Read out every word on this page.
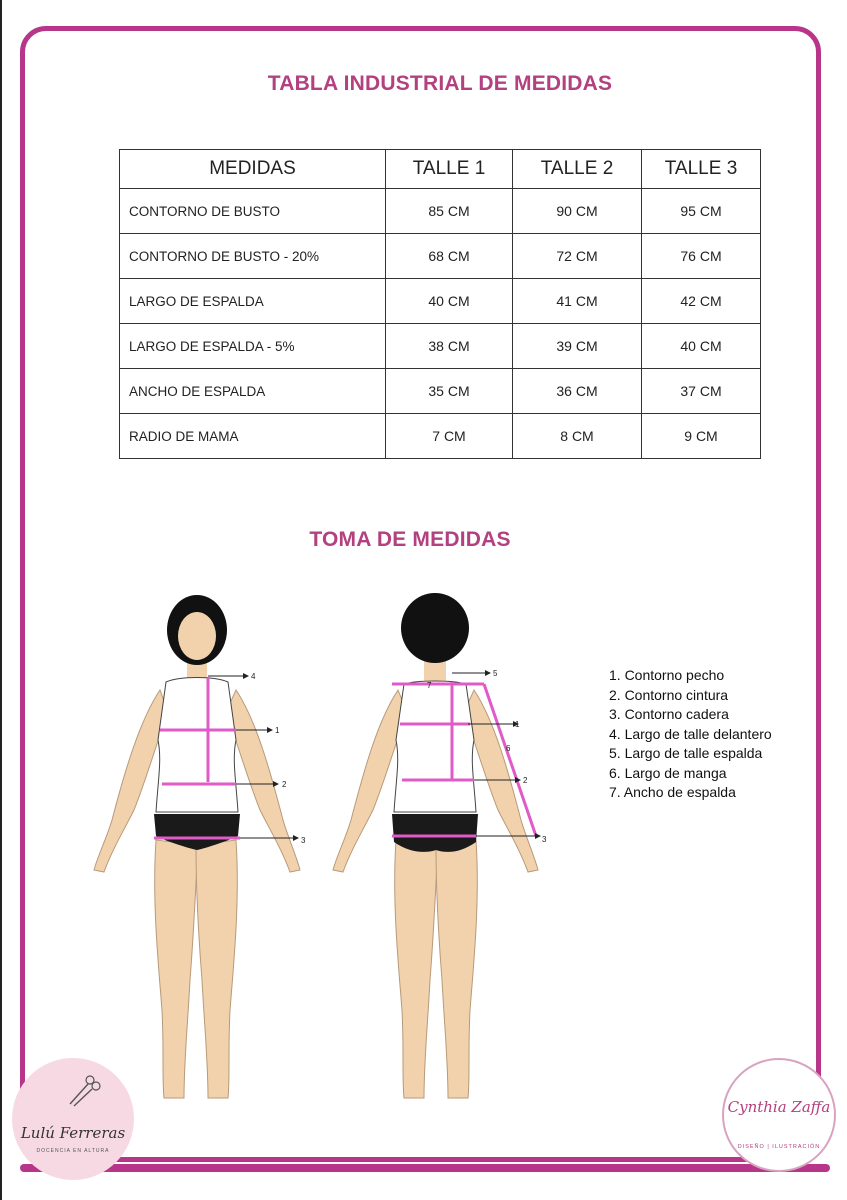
TABLA INDUSTRIAL DE MEDIDAS
MEDIDAS	TALLE 1	TALLE 2	TALLE 3
CONTORNO DE BUSTO	85 CM	90 CM	95 CM
CONTORNO DE BUSTO - 20%	68 CM	72 CM	76 CM
LARGO DE ESPALDA	40 CM	41 CM	42 CM
LARGO DE ESPALDA - 5%	38 CM	39 CM	40 CM
ANCHO DE ESPALDA	35 CM	36 CM	37 CM
RADIO DE MAMA	7 CM	8 CM	9 CM
TOMA DE MEDIDAS
4
1
2
3
5
7
1
6
2
3
1. Contorno pecho
2. Contorno cintura
3. Contorno cadera
4. Largo de talle delantero
5. Largo de talle espalda
6. Largo de manga
7. Ancho de espalda
Lulú Ferreras
DOCENCIA EN ALTURA
Cynthia Zaffa
DISEÑO | ILUSTRACIÓN
